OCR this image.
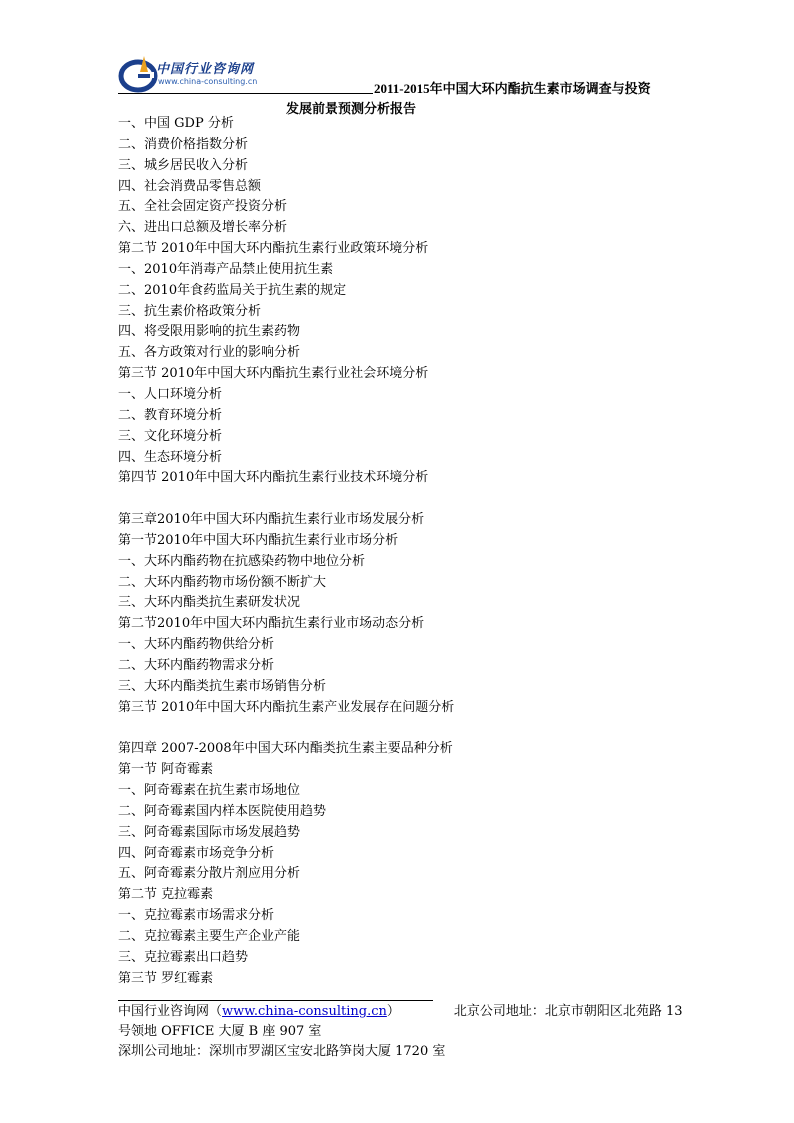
中国行业咨询网
www.china-consulting.cn	2011-2015年中国大环内酯抗生素市场调查与投资
发展前景预测分析报告
一、中国 GDP 分析
二、消费价格指数分析
三、城乡居民收入分析
四、社会消费品零售总额
五、全社会固定资产投资分析
六、进出口总额及增长率分析
第二节 2010年中国大环内酯抗生素行业政策环境分析
一、2010年消毒产品禁止使用抗生素
二、2010年食药监局关于抗生素的规定
三、抗生素价格政策分析
四、将受限用影响的抗生素药物
五、各方政策对行业的影响分析
第三节 2010年中国大环内酯抗生素行业社会环境分析
一、人口环境分析
二、教育环境分析
三、文化环境分析
四、生态环境分析
第四节 2010年中国大环内酯抗生素行业技术环境分析
第三章2010年中国大环内酯抗生素行业市场发展分析
第一节2010年中国大环内酯抗生素行业市场分析
一、大环内酯药物在抗感染药物中地位分析
二、大环内酯药物市场份额不断扩大
三、大环内酯类抗生素研发状况
第二节2010年中国大环内酯抗生素行业市场动态分析
一、大环内酯药物供给分析
二、大环内酯药物需求分析
三、大环内酯类抗生素市场销售分析
第三节 2010年中国大环内酯抗生素产业发展存在问题分析
第四章 2007-2008年中国大环内酯类抗生素主要品种分析
第一节 阿奇霉素
一、阿奇霉素在抗生素市场地位
二、阿奇霉素国内样本医院使用趋势
三、阿奇霉素国际市场发展趋势
四、阿奇霉素市场竞争分析
五、阿奇霉素分散片剂应用分析
第二节 克拉霉素
一、克拉霉素市场需求分析
二、克拉霉素主要生产企业产能
三、克拉霉素出口趋势
第三节 罗红霉素
中国行业咨询网（www.china-consulting.cn）	北京公司地址：北京市朝阳区北苑路 13
号领地 OFFICE 大厦 B 座 907 室
深圳公司地址：深圳市罗湖区宝安北路笋岗大厦 1720 室
